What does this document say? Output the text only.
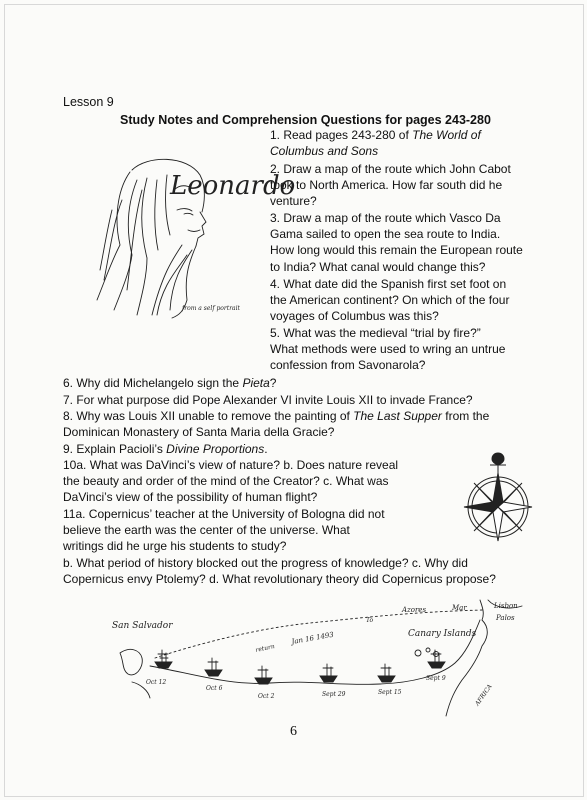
Lesson 9
Study Notes and Comprehension Questions for pages 243-280
Leonardo
from a self portrait
1. Read pages 243-280 of The World of
Columbus and Sons
2. Draw a map of the route which John Cabot
took to North America. How far south did he
venture?
3. Draw a map of the route which Vasco Da
Gama sailed to open the sea route to India.
How long would this remain the European route
to India? What canal would change this?
4. What date did the Spanish first set foot on
the American continent? On which of the four
voyages of Columbus was this?
5. What was the medieval “trial by fire?”
What methods were used to wring an untrue
confession from Savonarola?
6. Why did Michelangelo sign the Pieta?
7. For what purpose did Pope Alexander VI invite Louis XII to invade France?
8. Why was Louis XII unable to remove the painting of The Last Supper from the
Dominican Monastery of Santa Maria della Gracie?
9. Explain Pacioli’s Divine Proportions.
10a. What was DaVinci’s view of nature? b. Does nature reveal
the beauty and order of the mind of the Creator? c. What was
DaVinci’s view of the possibility of human flight?
11a. Copernicus’ teacher at the University of Bologna did not
believe the earth was the center of the universe. What
writings did he urge his students to study?
b. What period of history blocked out the progress of knowledge? c. Why did
Copernicus envy Ptolemy? d. What revolutionary theory did Copernicus propose?
San Salvador
Canary Islands
Azores	Mar	Lisbon
Palos
AFRICA
Oct 12
Oct 6
Oct 2	Sept 29	Sept 15
Sept 9
return
Jan 16 1493
To
6
